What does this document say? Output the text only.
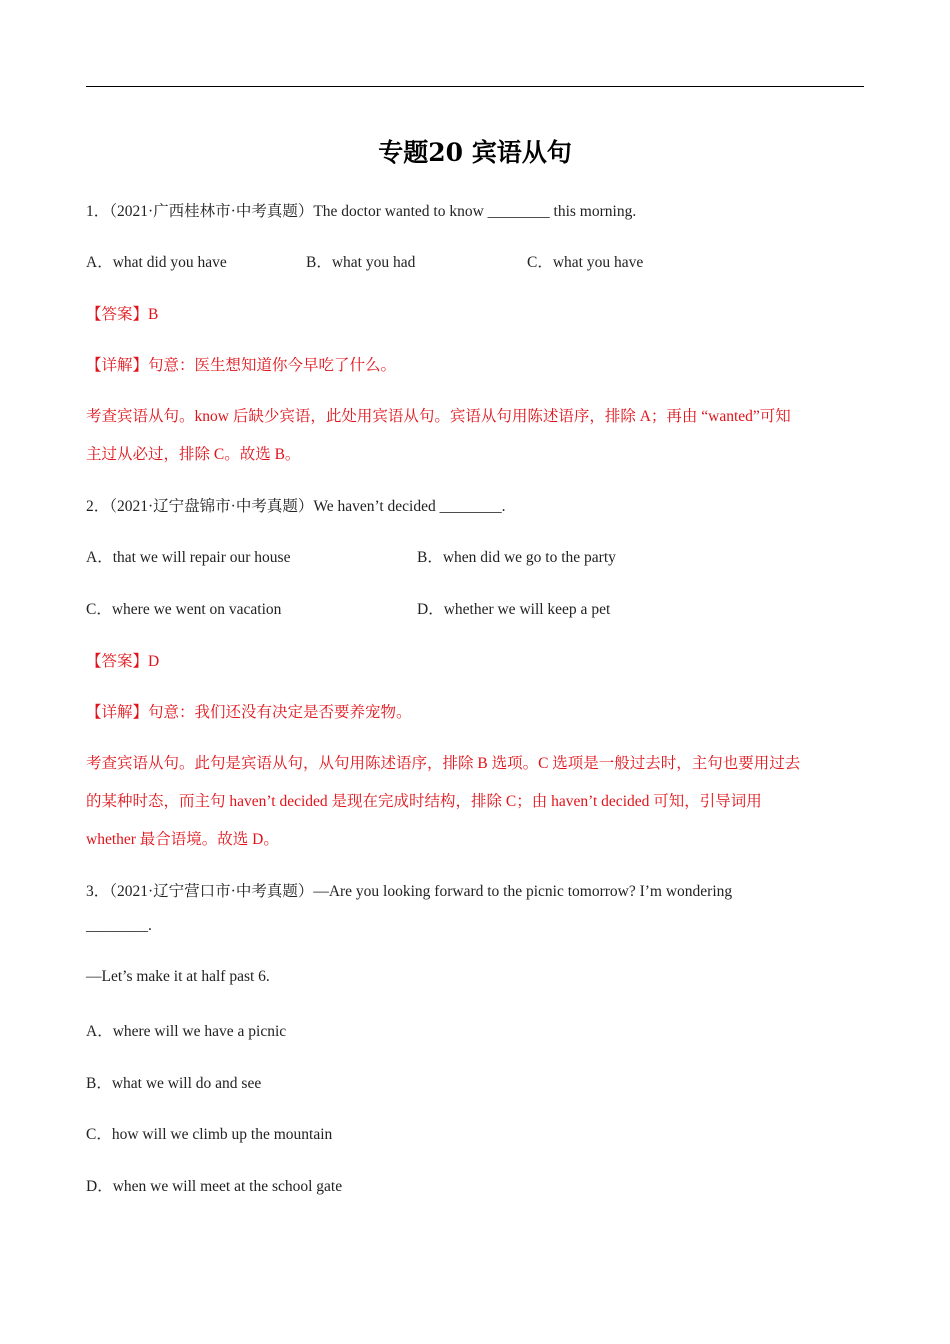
专题20 宾语从句
1．（2021·广西桂林市·中考真题）The doctor wanted to know ________ this morning.
A．what did you have	B．what you had	C．what you have
【答案】B
【详解】句意：医生想知道你今早吃了什么。
考查宾语从句。know 后缺少宾语，此处用宾语从句。宾语从句用陈述语序，排除 A；再由 “wanted”可知
主过从必过，排除 C。故选 B。
2．（2021·辽宁盘锦市·中考真题）We haven’t decided ________.
A．that we will repair our house	B．when did we go to the party
C．where we went on vacation	D．whether we will keep a pet
【答案】D
【详解】句意：我们还没有决定是否要养宠物。
考查宾语从句。此句是宾语从句，从句用陈述语序，排除 B 选项。C 选项是一般过去时，主句也要用过去
的某种时态，而主句 haven’t decided 是现在完成时结构，排除 C；由 haven’t decided 可知，引导词用
whether 最合语境。故选 D。
3．（2021·辽宁营口市·中考真题）—Are you looking forward to the picnic tomorrow? I’m wondering
________.
—Let’s make it at half past 6.
A．where will we have a picnic
B．what we will do and see
C．how will we climb up the mountain
D．when we will meet at the school gate
